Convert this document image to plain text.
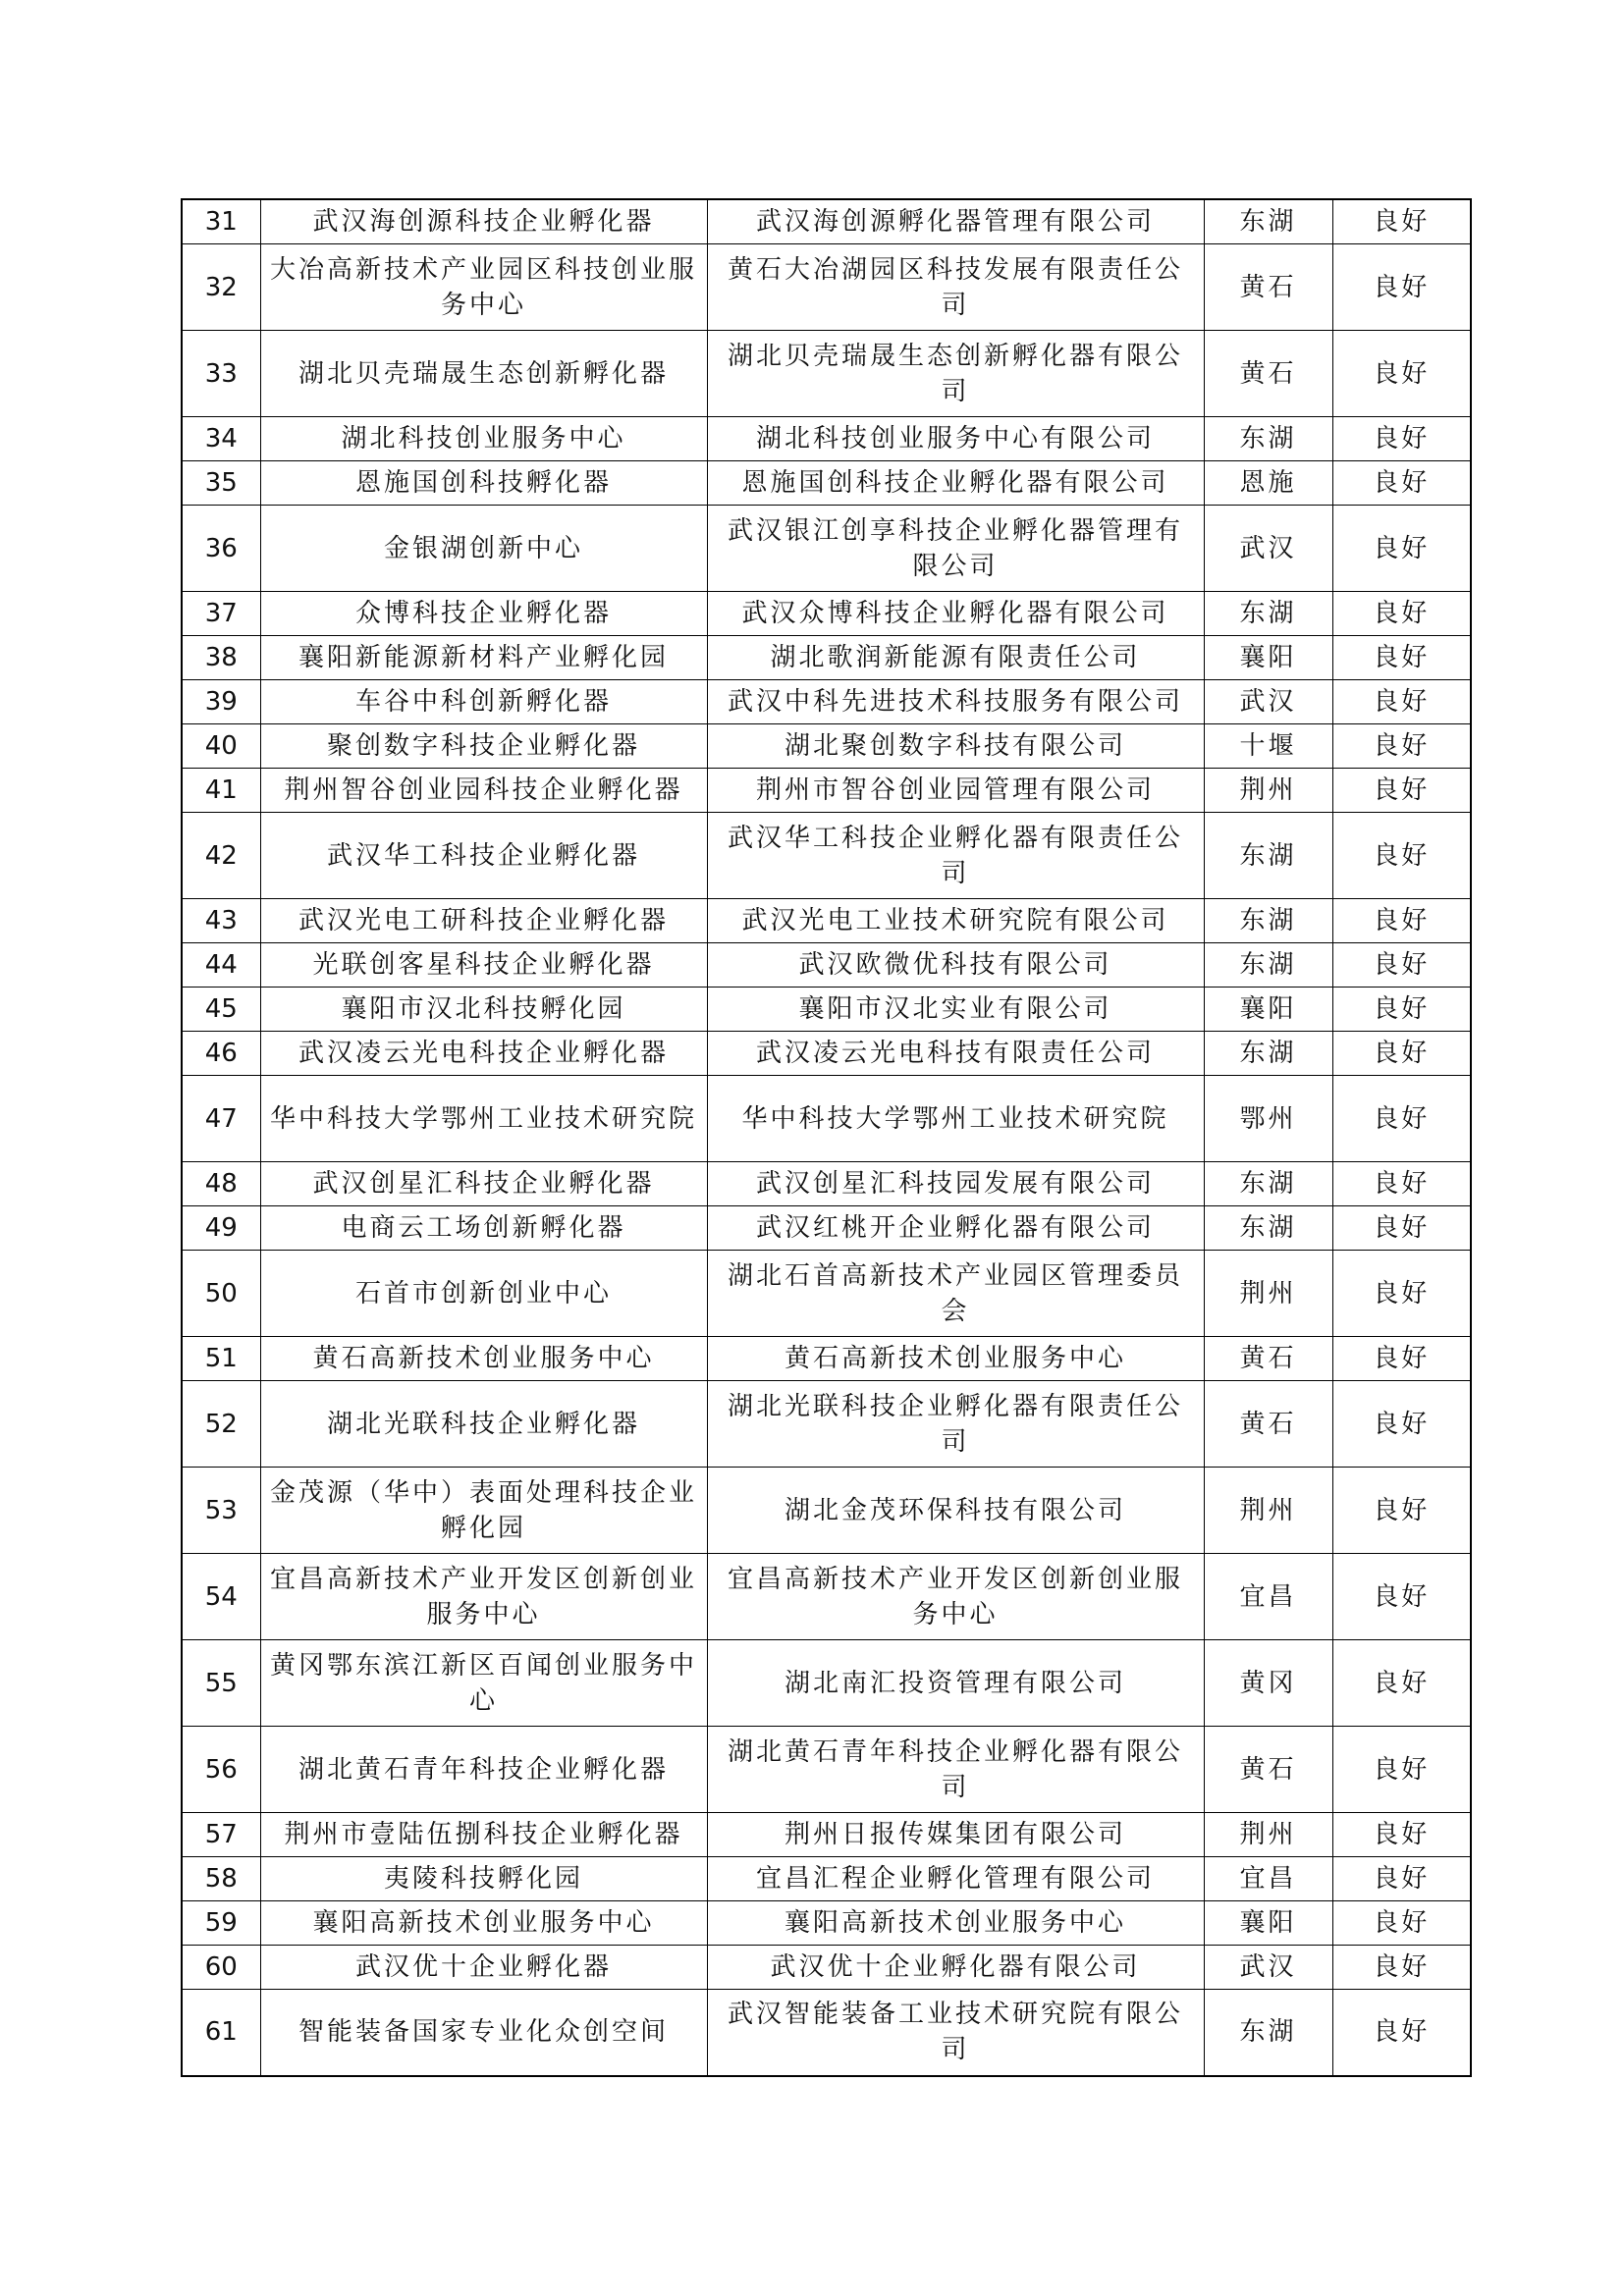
31	武汉海创源科技企业孵化器	武汉海创源孵化器管理有限公司	东湖	良好
32	大冶高新技术产业园区科技创业服务中心	黄石大冶湖园区科技发展有限责任公司	黄石	良好
33	湖北贝壳瑞晟生态创新孵化器	湖北贝壳瑞晟生态创新孵化器有限公司	黄石	良好
34	湖北科技创业服务中心	湖北科技创业服务中心有限公司	东湖	良好
35	恩施国创科技孵化器	恩施国创科技企业孵化器有限公司	恩施	良好
36	金银湖创新中心	武汉银江创享科技企业孵化器管理有限公司	武汉	良好
37	众博科技企业孵化器	武汉众博科技企业孵化器有限公司	东湖	良好
38	襄阳新能源新材料产业孵化园	湖北歌润新能源有限责任公司	襄阳	良好
39	车谷中科创新孵化器	武汉中科先进技术科技服务有限公司	武汉	良好
40	聚创数字科技企业孵化器	湖北聚创数字科技有限公司	十堰	良好
41	荆州智谷创业园科技企业孵化器	荆州市智谷创业园管理有限公司	荆州	良好
42	武汉华工科技企业孵化器	武汉华工科技企业孵化器有限责任公司	东湖	良好
43	武汉光电工研科技企业孵化器	武汉光电工业技术研究院有限公司	东湖	良好
44	光联创客星科技企业孵化器	武汉欧微优科技有限公司	东湖	良好
45	襄阳市汉北科技孵化园	襄阳市汉北实业有限公司	襄阳	良好
46	武汉凌云光电科技企业孵化器	武汉凌云光电科技有限责任公司	东湖	良好
47	华中科技大学鄂州工业技术研究院	华中科技大学鄂州工业技术研究院	鄂州	良好
48	武汉创星汇科技企业孵化器	武汉创星汇科技园发展有限公司	东湖	良好
49	电商云工场创新孵化器	武汉红桃开企业孵化器有限公司	东湖	良好
50	石首市创新创业中心	湖北石首高新技术产业园区管理委员会	荆州	良好
51	黄石高新技术创业服务中心	黄石高新技术创业服务中心	黄石	良好
52	湖北光联科技企业孵化器	湖北光联科技企业孵化器有限责任公司	黄石	良好
53	金茂源（华中）表面处理科技企业孵化园	湖北金茂环保科技有限公司	荆州	良好
54	宜昌高新技术产业开发区创新创业服务中心	宜昌高新技术产业开发区创新创业服务中心	宜昌	良好
55	黄冈鄂东滨江新区百闻创业服务中心	湖北南汇投资管理有限公司	黄冈	良好
56	湖北黄石青年科技企业孵化器	湖北黄石青年科技企业孵化器有限公司	黄石	良好
57	荆州市壹陆伍捌科技企业孵化器	荆州日报传媒集团有限公司	荆州	良好
58	夷陵科技孵化园	宜昌汇程企业孵化管理有限公司	宜昌	良好
59	襄阳高新技术创业服务中心	襄阳高新技术创业服务中心	襄阳	良好
60	武汉优十企业孵化器	武汉优十企业孵化器有限公司	武汉	良好
61	智能装备国家专业化众创空间	武汉智能装备工业技术研究院有限公司	东湖	良好
